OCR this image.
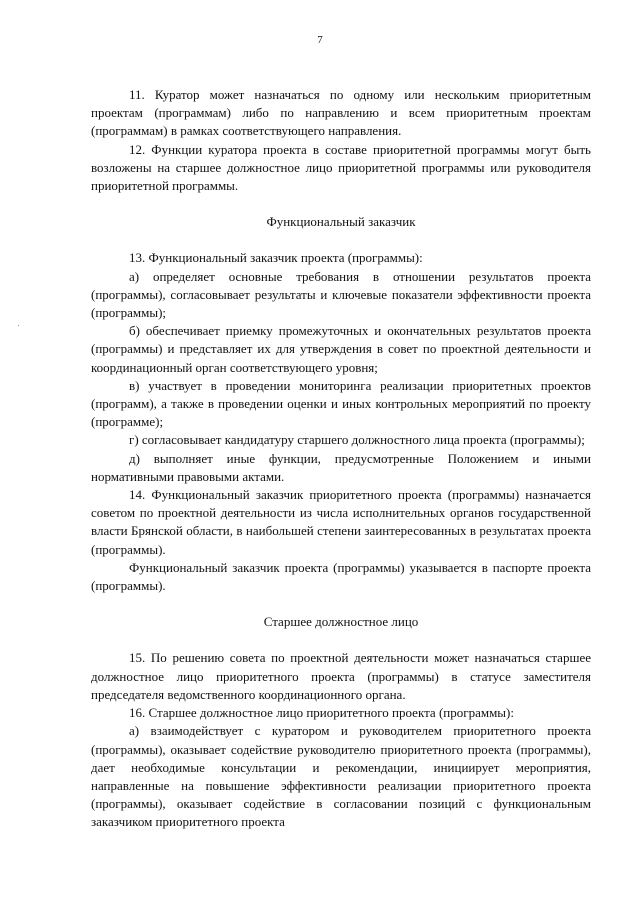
7

11. Куратор может назначаться по одному или нескольким приоритетным проектам (программам) либо по направлению и всем приоритетным проектам (программам) в рамках соответствующего направления.

12. Функции куратора проекта в составе приоритетной программы могут быть возложены на старшее должностное лицо приоритетной программы или руководителя приоритетной программы.

Функциональный заказчик

13. Функциональный заказчик проекта (программы):

а) определяет основные требования в отношении результатов проекта (программы), согласовывает результаты и ключевые показатели эффективности проекта (программы);

б) обеспечивает приемку промежуточных и окончательных результатов проекта (программы) и представляет их для утверждения в совет по проектной деятельности и координационный орган соответствующего уровня;

в) участвует в проведении мониторинга реализации приоритетных проектов (программ), а также в проведении оценки и иных контрольных мероприятий по проекту (программе);

г) согласовывает кандидатуру старшего должностного лица проекта (программы);

д) выполняет иные функции, предусмотренные Положением и иными нормативными правовыми актами.

14. Функциональный заказчик приоритетного проекта (программы) назначается советом по проектной деятельности из числа исполнительных органов государственной власти Брянской области, в наибольшей степени заинтересованных в результатах проекта (программы).

Функциональный заказчик проекта (программы) указывается в паспорте проекта (программы).

Старшее должностное лицо

15. По решению совета по проектной деятельности может назначаться старшее должностное лицо приоритетного проекта (программы) в статусе заместителя председателя ведомственного координационного органа.

16. Старшее должностное лицо приоритетного проекта (программы):

а) взаимодействует с куратором и руководителем приоритетного проекта (программы), оказывает содействие руководителю приоритетного проекта (программы), дает необходимые консультации и рекомендации, инициирует мероприятия, направленные на повышение эффективности реализации приоритетного проекта (программы), оказывает содействие в согласовании позиций с функциональным заказчиком приоритетного проекта
